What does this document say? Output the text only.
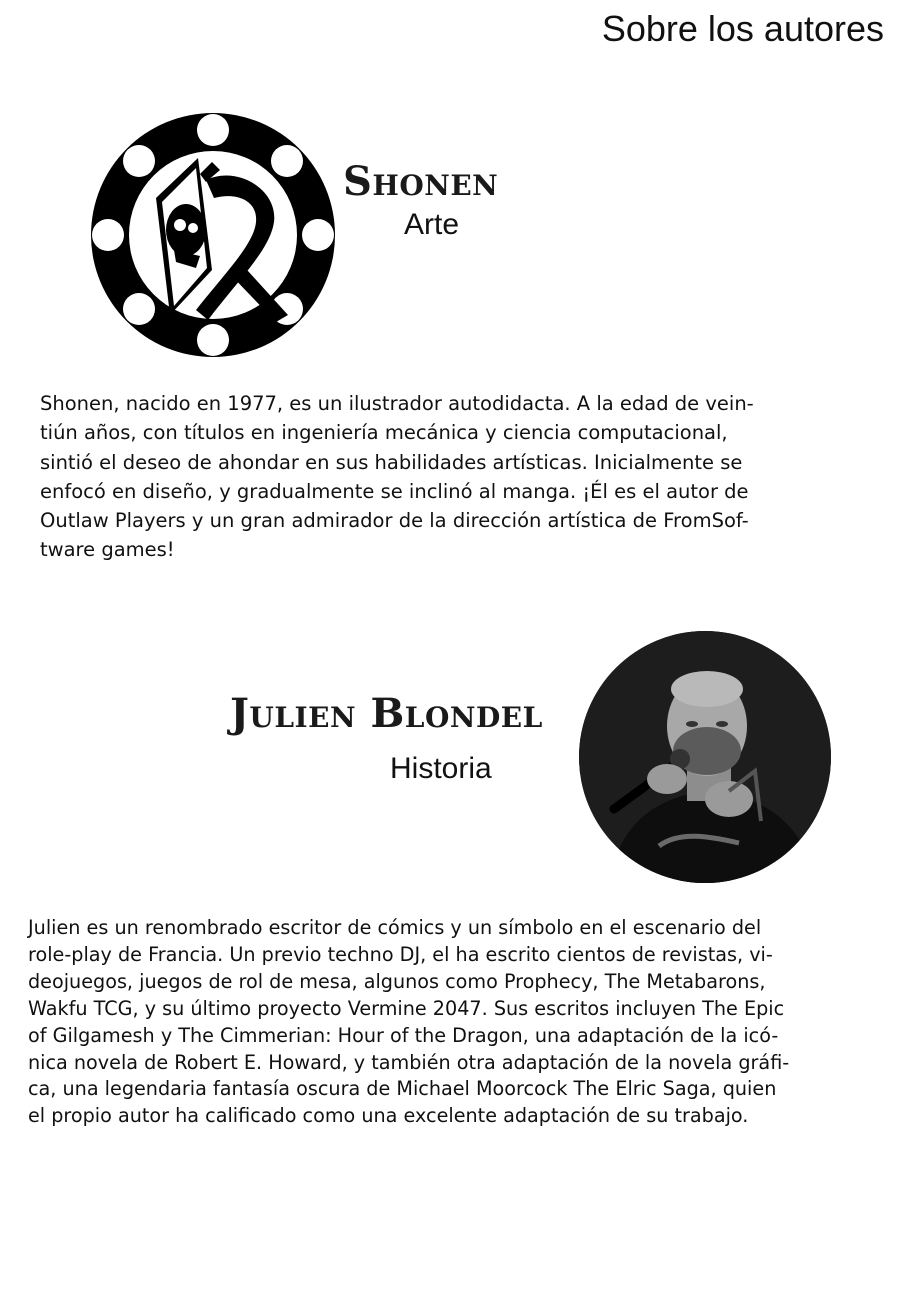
Sobre los autores
Shonen
Arte

Shonen, nacido en 1977, es un ilustrador autodidacta. A la edad de vein-
tiún años, con títulos en ingeniería mecánica y ciencia computacional,
sintió el deseo de ahondar en sus habilidades artísticas. Inicialmente se
enfocó en diseño, y gradualmente se inclinó al manga. ¡Él es el autor de
Outlaw Players y un gran admirador de la dirección artística de FromSof-
tware games!

Julien Blondel
Historia

Julien es un renombrado escritor de cómics y un símbolo en el escenario del
role-play de Francia. Un previo techno DJ, el ha escrito cientos de revistas, vi-
deojuegos, juegos de rol de mesa, algunos como Prophecy, The Metabarons,
Wakfu TCG, y su último proyecto Vermine 2047. Sus escritos incluyen The Epic
of Gilgamesh y The Cimmerian: Hour of the Dragon, una adaptación de la icó-
nica novela de Robert E. Howard, y también otra adaptación de la novela gráfi-
ca, una legendaria fantasía oscura de Michael Moorcock The Elric Saga, quien
el propio autor ha calificado como una excelente adaptación de su trabajo.
